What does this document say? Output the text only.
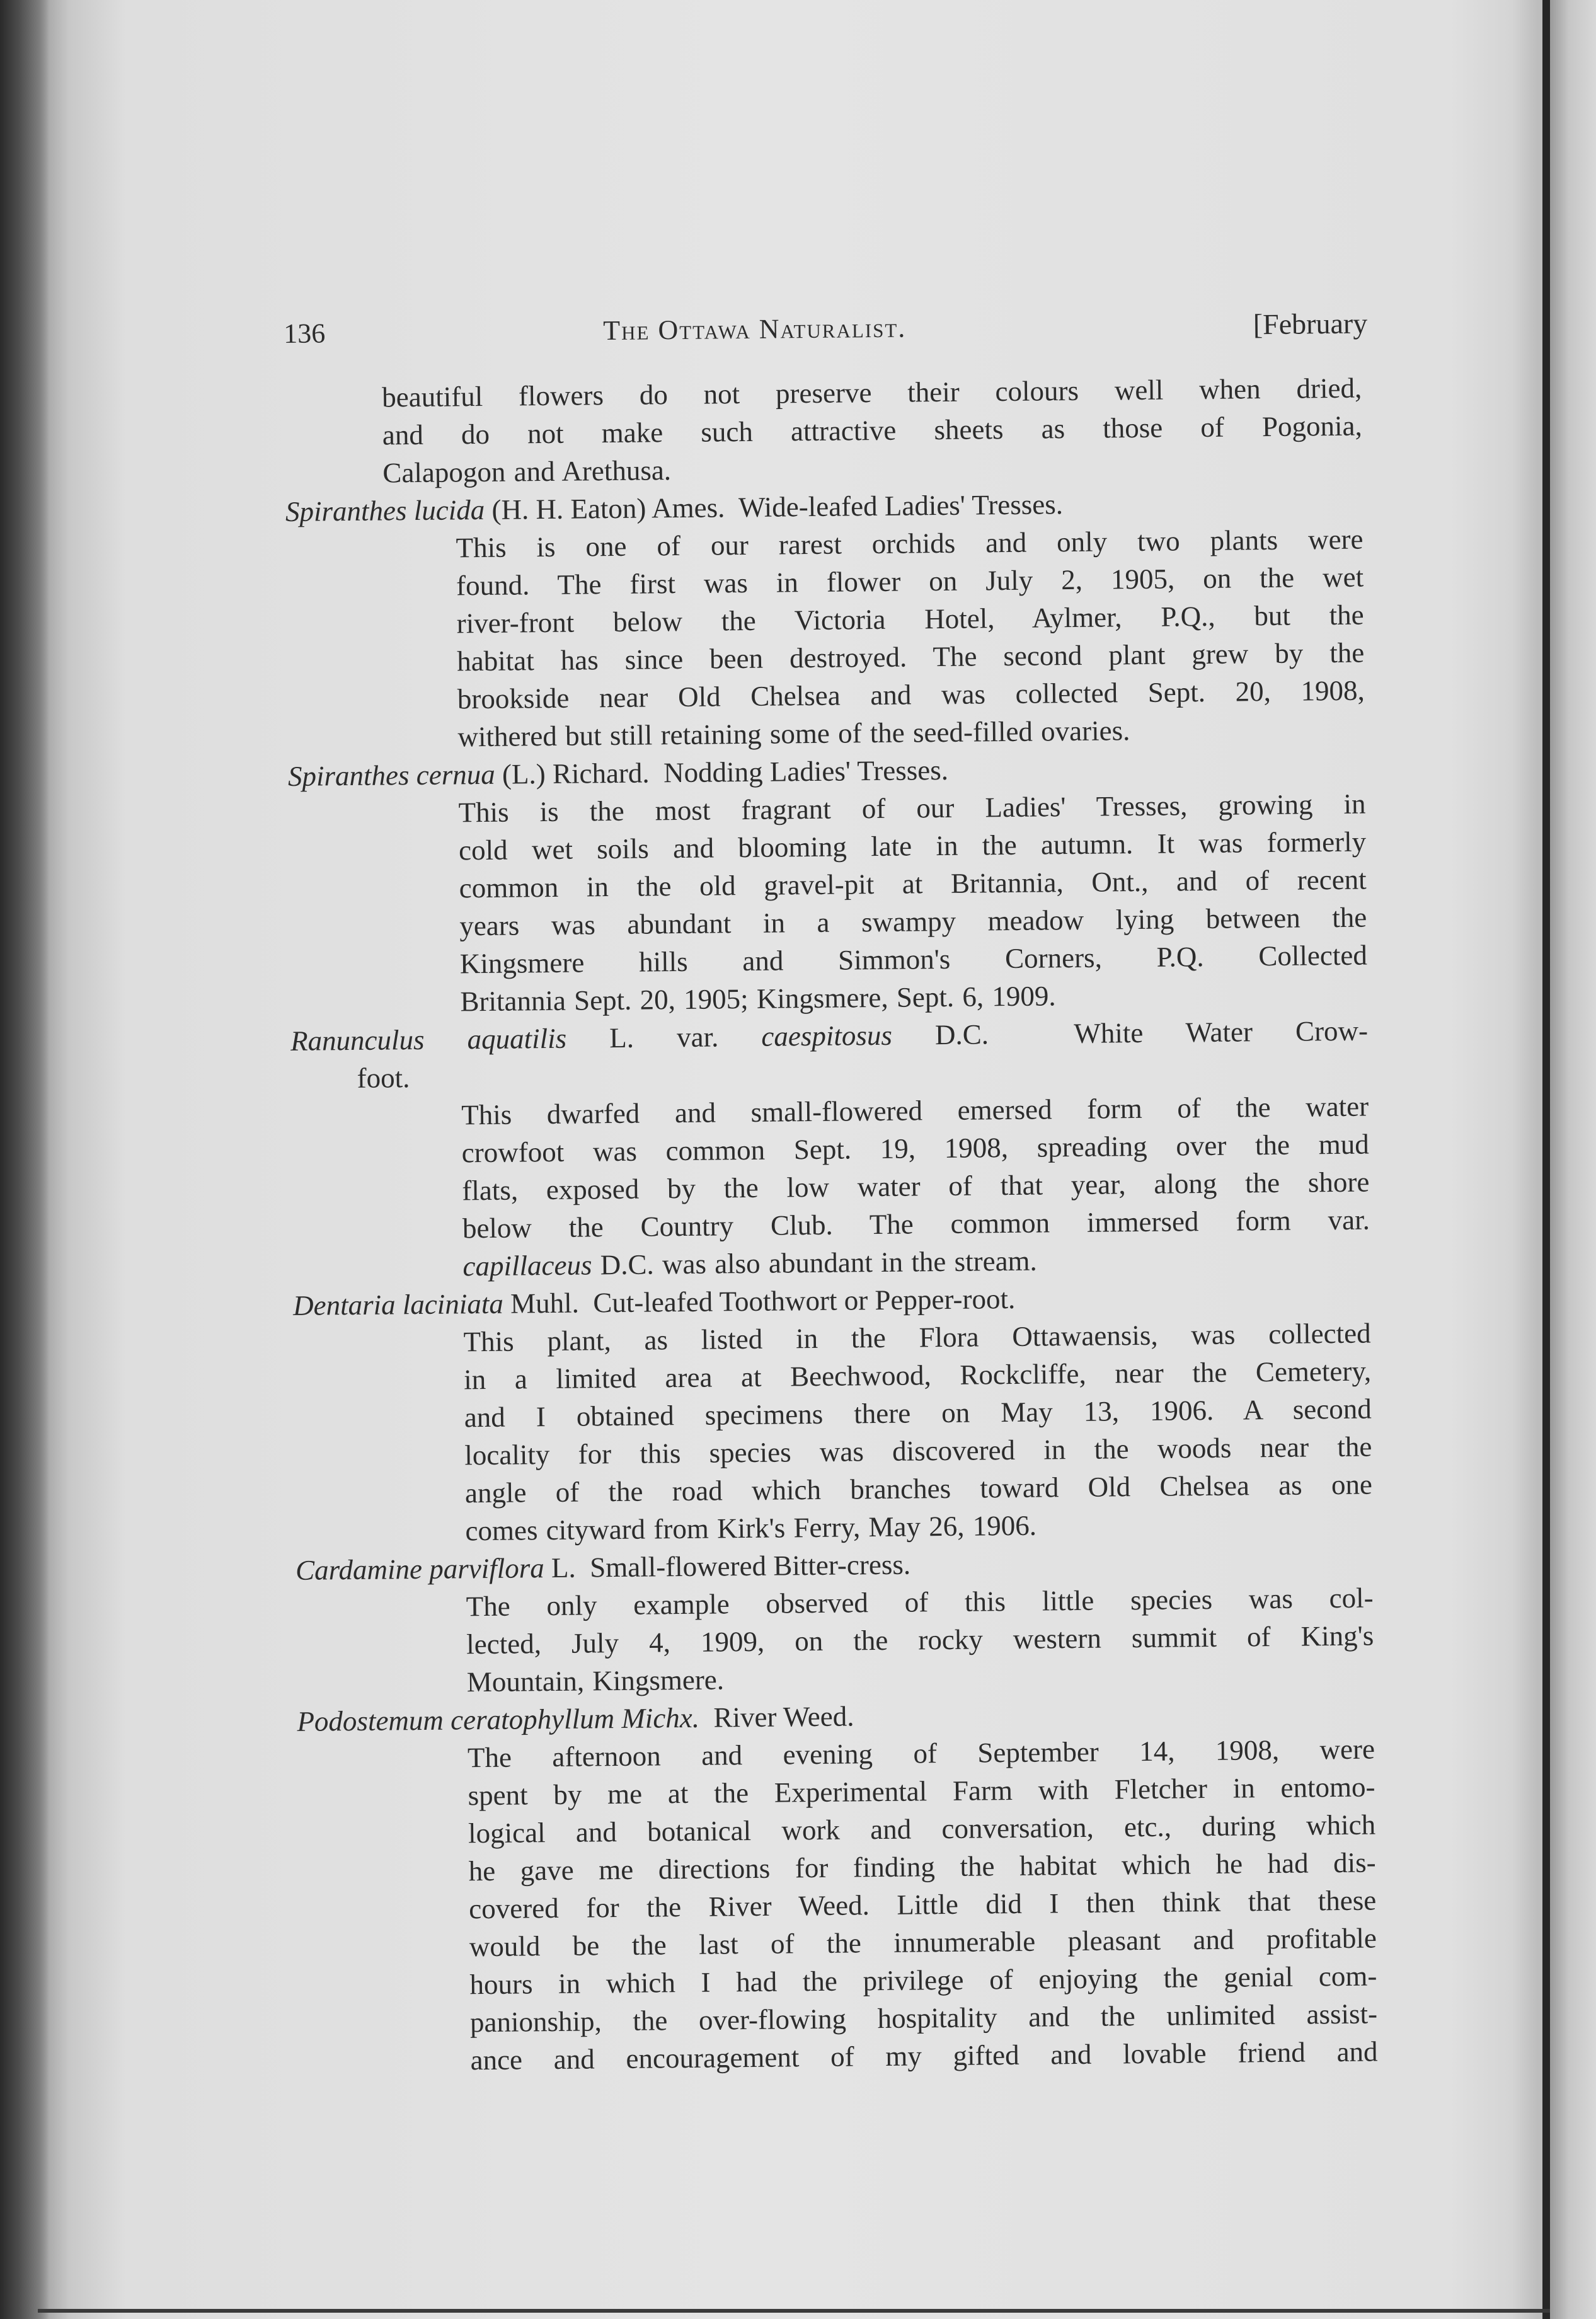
136	The Ottawa Naturalist.	[February
beautiful flowers do not preserve their colours well when dried,
and do not make such attractive sheets as those of Pogonia,
Calapogon and Arethusa.
Spiranthes lucida (H. H. Eaton) Ames. Wide-leafed Ladies' Tresses.
This is one of our rarest orchids and only two plants were
found. The first was in flower on July 2, 1905, on the wet
river-front below the Victoria Hotel, Aylmer, P.Q., but the
habitat has since been destroyed. The second plant grew by the
brookside near Old Chelsea and was collected Sept. 20, 1908,
withered but still retaining some of the seed-filled ovaries.
Spiranthes cernua (L.) Richard. Nodding Ladies' Tresses.
This is the most fragrant of our Ladies' Tresses, growing in
cold wet soils and blooming late in the autumn. It was formerly
common in the old gravel-pit at Britannia, Ont., and of recent
years was abundant in a swampy meadow lying between the
Kingsmere hills and Simmon's Corners, P.Q. Collected
Britannia Sept. 20, 1905; Kingsmere, Sept. 6, 1909.
Ranunculus aquatilis L. var. caespitosus D.C.	White Water Crow-
foot.
This dwarfed and small-flowered emersed form of the water
crowfoot was common Sept. 19, 1908, spreading over the mud
flats, exposed by the low water of that year, along the shore
below the Country Club. The common immersed form var.
capillaceus D.C. was also abundant in the stream.
Dentaria laciniata Muhl. Cut-leafed Toothwort or Pepper-root.
This plant, as listed in the Flora Ottawaensis, was collected
in a limited area at Beechwood, Rockcliffe, near the Cemetery,
and I obtained specimens there on May 13, 1906. A second
locality for this species was discovered in the woods near the
angle of the road which branches toward Old Chelsea as one
comes cityward from Kirk's Ferry, May 26, 1906.
Cardamine parviflora L. Small-flowered Bitter-cress.
The only example observed of this little species was col-
lected, July 4, 1909, on the rocky western summit of King's
Mountain, Kingsmere.
Podostemum ceratophyllum Michx. River Weed.
The afternoon and evening of September 14, 1908, were
spent by me at the Experimental Farm with Fletcher in entomo-
logical and botanical work and conversation, etc., during which
he gave me directions for finding the habitat which he had dis-
covered for the River Weed. Little did I then think that these
would be the last of the innumerable pleasant and profitable
hours in which I had the privilege of enjoying the genial com-
panionship, the over-flowing hospitality and the unlimited assist-
ance and encouragement of my gifted and lovable friend and
